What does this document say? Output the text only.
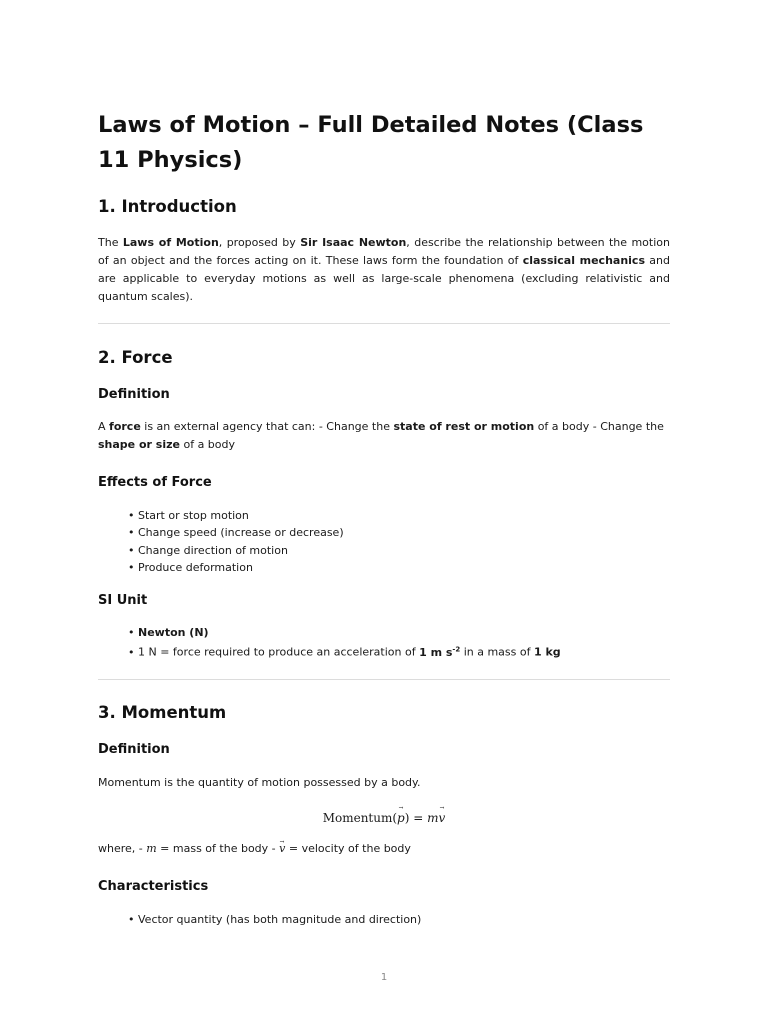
Laws of Motion – Full Detailed Notes (Class 11 Physics)
1. Introduction

The Laws of Motion, proposed by Sir Isaac Newton, describe the relationship between the motion of an object and the forces acting on it. These laws form the foundation of classical mechanics and are applicable to everyday motions as well as large-scale phenomena (excluding relativistic and quantum scales).

2. Force
Definition

A force is an external agency that can: - Change the state of rest or motion of a body - Change the shape or size of a body

Effects of Force
• Start or stop motion
• Change speed (increase or decrease)
• Change direction of motion
• Produce deformation
SI Unit
• Newton (N)
• 1 N = force required to produce an acceleration of 1 m $s^{-2}$ in a mass of 1 kg
3. Momentum
Definition

Momentum is the quantity of motion possessed by a body.

Momentum(p →) = mv →

where, - m = mass of the body - v → = velocity of the body

Characteristics
• Vector quantity (has both magnitude and direction)
1
